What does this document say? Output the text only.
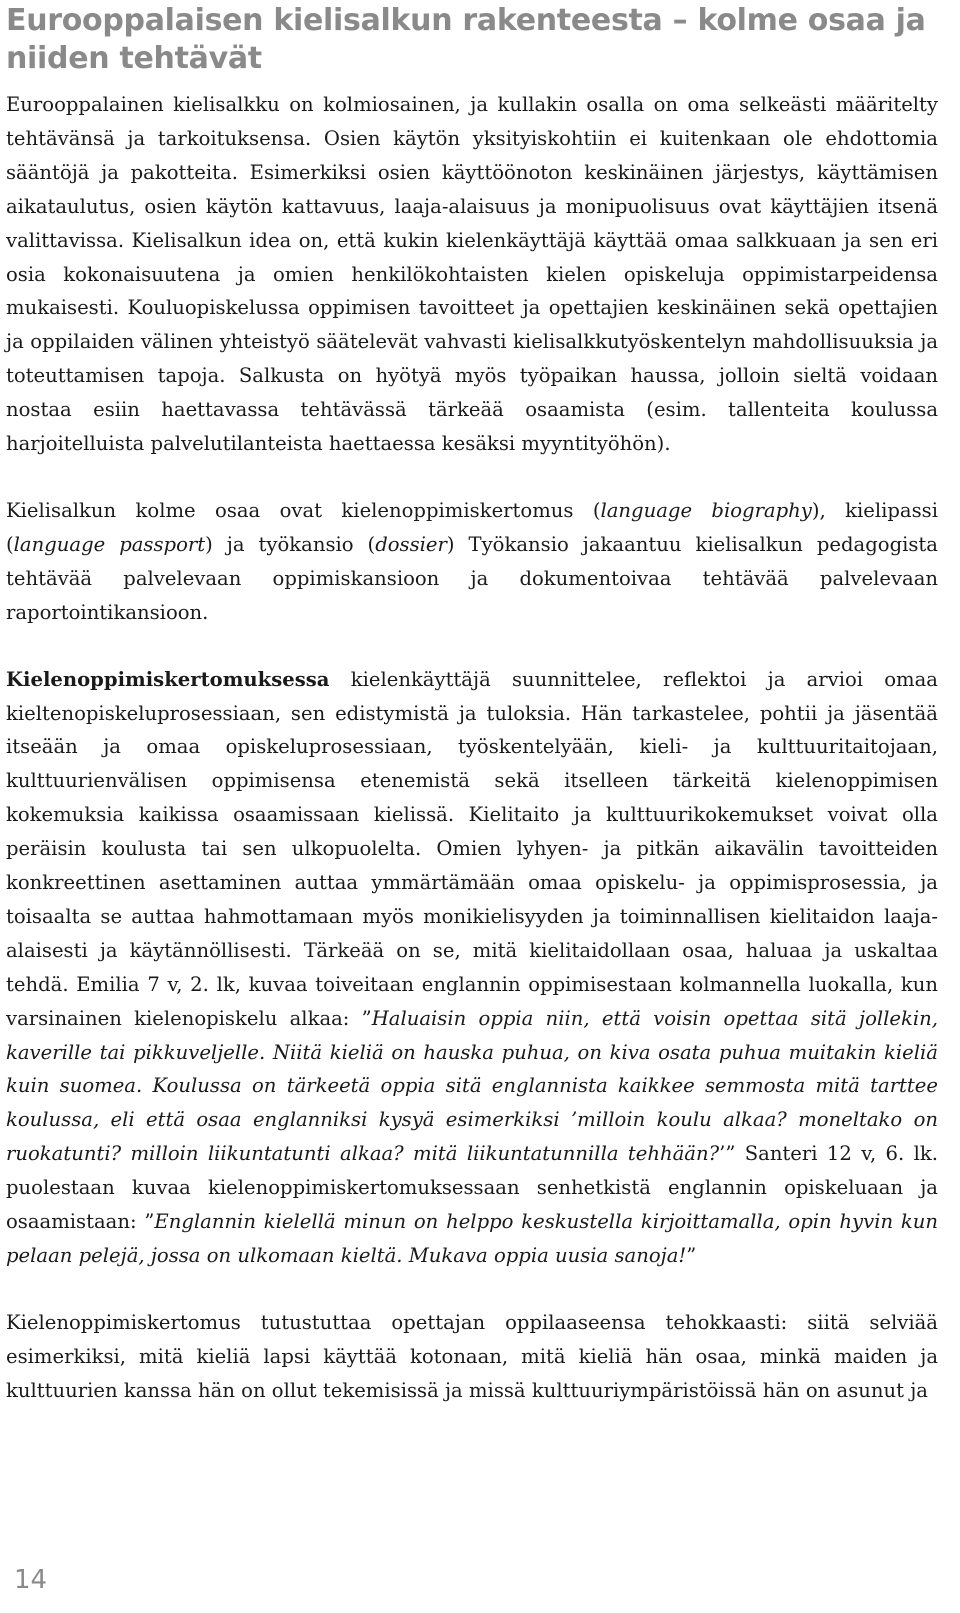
Eurooppalaisen kielisalkun rakenteesta – kolme osaa ja niiden tehtävät

Eurooppalainen kielisalkku on kolmiosainen, ja kullakin osalla on oma selkeästi määritelty tehtävänsä ja tarkoituksensa. Osien käytön yksityiskohtiin ei kuitenkaan ole ehdottomia sääntöjä ja pakotteita. Esimerkiksi osien käyttöönoton keskinäinen järjestys, käyttämisen aikataulutus, osien käytön kattavuus, laaja-alaisuus ja monipuolisuus ovat käyttäjien itsenä valittavissa. Kielisalkun idea on, että kukin kielenkäyttäjä käyttää omaa salkkuaan ja sen eri osia kokonaisuutena ja omien henkilökohtaisten kielen opiskeluja oppimistarpeidensa mukaisesti. Kouluopiskelussa oppimisen tavoitteet ja opettajien keskinäinen sekä opettajien ja oppilaiden välinen yhteistyö säätelevät vahvasti kielisalkkutyöskentelyn mahdollisuuksia ja toteuttamisen tapoja. Salkusta on hyötyä myös työpaikan haussa, jolloin sieltä voidaan nostaa esiin haettavassa tehtävässä tärkeää osaamista (esim. tallenteita koulussa harjoitelluista palvelutilanteista haettaessa kesäksi myyntityöhön).

Kielisalkun kolme osaa ovat kielenoppimiskertomus (language biography), kielipassi (language passport) ja työkansio (dossier) Työkansio jakaantuu kielisalkun pedagogista tehtävää palvelevaan oppimiskansioon ja dokumentoivaa tehtävää palvelevaan raportointikansioon.

Kielenoppimiskertomuksessa kielenkäyttäjä suunnittelee, reflektoi ja arvioi omaa kieltenopiskeluprosessiaan, sen edistymistä ja tuloksia. Hän tarkastelee, pohtii ja jäsentää itseään ja omaa opiskeluprosessiaan, työskentelyään, kieli- ja kulttuuritaitojaan, kulttuurienvälisen oppimisensa etenemistä sekä itselleen tärkeitä kielenoppimisen kokemuksia kaikissa osaamissaan kielissä. Kielitaito ja kulttuurikokemukset voivat olla peräisin koulusta tai sen ulkopuolelta. Omien lyhyen- ja pitkän aikavälin tavoitteiden konkreettinen asettaminen auttaa ymmärtämään omaa opiskelu- ja oppimisprosessia, ja toisaalta se auttaa hahmottamaan myös monikielisyyden ja toiminnallisen kielitaidon laaja-alaisesti ja käytännöllisesti. Tärkeää on se, mitä kielitaidollaan osaa, haluaa ja uskaltaa tehdä. Emilia 7 v, 2. lk, kuvaa toiveitaan englannin oppimisestaan kolmannella luokalla, kun varsinainen kielenopiskelu alkaa: ”Haluaisin oppia niin, että voisin opettaa sitä jollekin, kaverille tai pikkuveljelle. Niitä kieliä on hauska puhua, on kiva osata puhua muitakin kieliä kuin suomea. Koulussa on tärkeetä oppia sitä englannista kaikkee semmosta mitä tarttee koulussa, eli että osaa englanniksi kysyä esimerkiksi ’milloin koulu alkaa? moneltako on ruokatunti? milloin liikuntatunti alkaa? mitä liikuntatunnilla tehhään?’” Santeri 12 v, 6. lk. puolestaan kuvaa kielenoppimiskertomuksessaan senhetkistä englannin opiskeluaan ja osaamistaan: ”Englannin kielellä minun on helppo keskustella kirjoittamalla, opin hyvin kun pelaan pelejä, jossa on ulkomaan kieltä. Mukava oppia uusia sanoja!”

Kielenoppimiskertomus tutustuttaa opettajan oppilaaseensa tehokkaasti: siitä selviää esimerkiksi, mitä kieliä lapsi käyttää kotonaan, mitä kieliä hän osaa, minkä maiden ja kulttuurien kanssa hän on ollut tekemisissä ja missä kulttuuriympäristöissä hän on asunut ja

14
